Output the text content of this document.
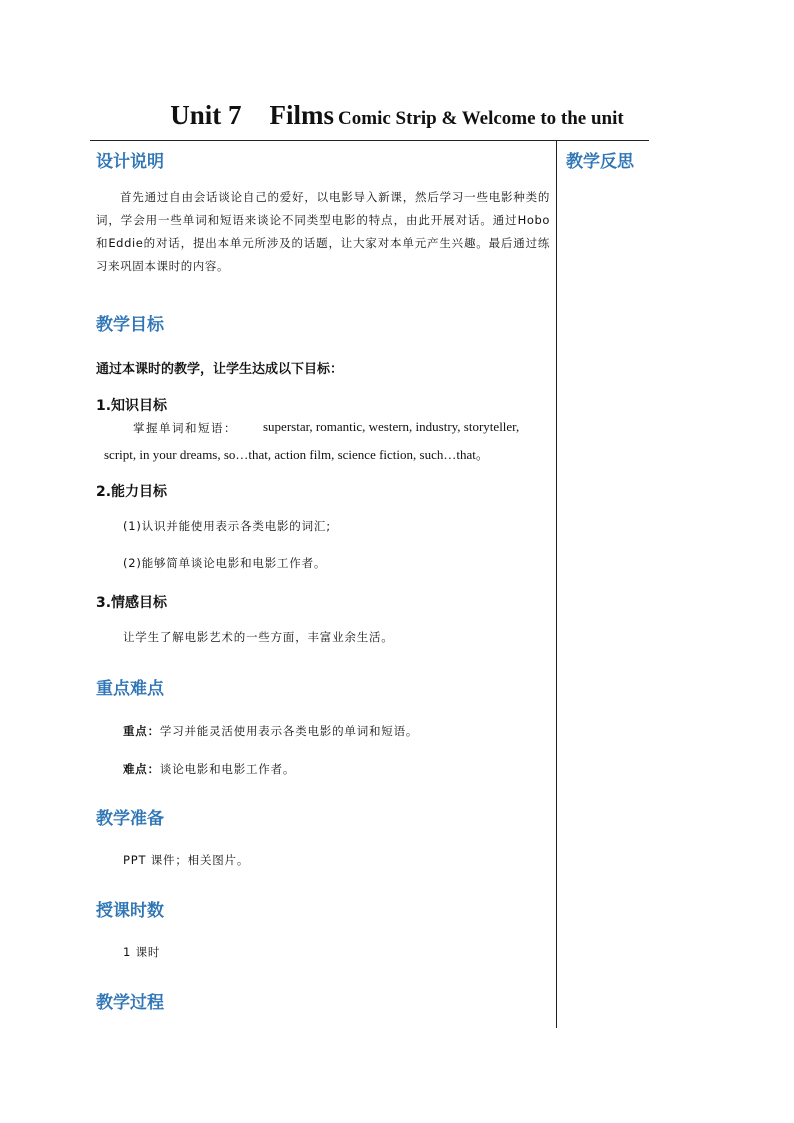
Unit 7 Films Comic Strip & Welcome to the unit
教学反思
设计说明
首先通过自由会话谈论自己的爱好，以电影导入新课，然后学习一些电影种类的词，学会用一些单词和短语来谈论不同类型电影的特点，由此开展对话。通过Hobo和Eddie的对话，提出本单元所涉及的话题，让大家对本单元产生兴趣。最后通过练习来巩固本课时的内容。
教学目标
通过本课时的教学，让学生达成以下目标：
1.知识目标
掌握单词和短语： superstar, romantic, western, industry, storyteller,
script, in your dreams, so…that, action film, science fiction, such…that。
2.能力目标
(1)认识并能使用表示各类电影的词汇;
(2)能够简单谈论电影和电影工作者。
3.情感目标
让学生了解电影艺术的一些方面，丰富业余生活。
重点难点
重点：学习并能灵活使用表示各类电影的单词和短语。
难点：谈论电影和电影工作者。
教学准备
PPT 课件；相关图片。
授课时数
1 课时
教学过程
